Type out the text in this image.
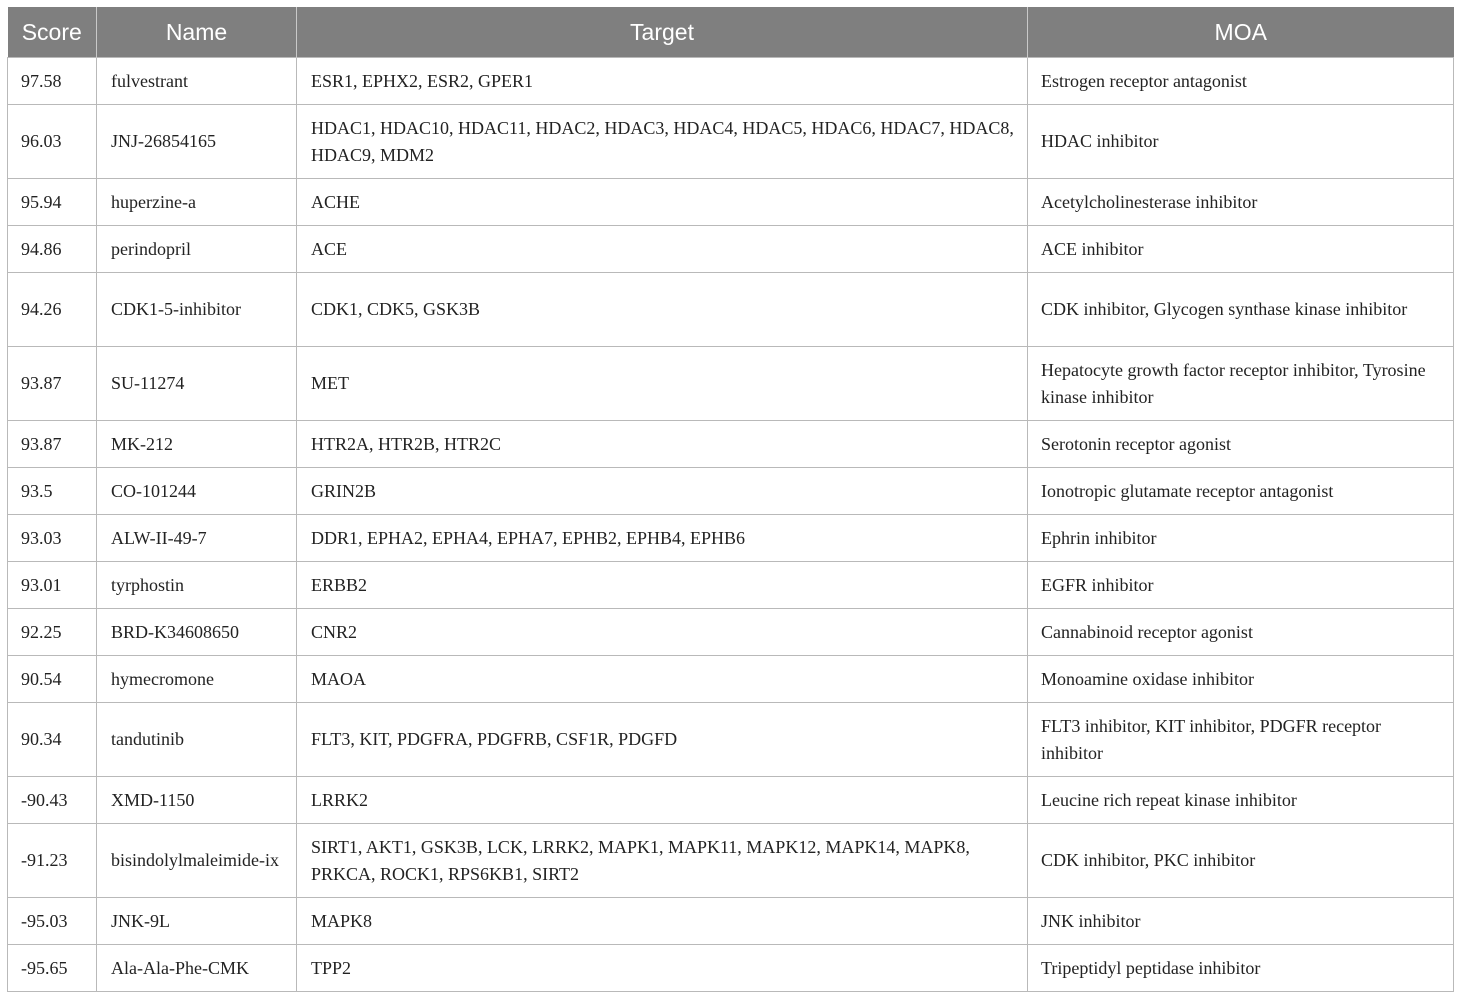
Score	Name	Target	MOA
97.58	fulvestrant	ESR1, EPHX2, ESR2, GPER1	Estrogen receptor antagonist
96.03	JNJ-26854165	HDAC1, HDAC10, HDAC11, HDAC2, HDAC3, HDAC4, HDAC5, HDAC6, HDAC7, HDAC8, HDAC9, MDM2	HDAC inhibitor
95.94	huperzine-a	ACHE	Acetylcholinesterase inhibitor
94.86	perindopril	ACE	ACE inhibitor
94.26	CDK1-5-inhibitor	CDK1, CDK5, GSK3B	CDK inhibitor, Glycogen synthase kinase inhibitor
93.87	SU-11274	MET	Hepatocyte growth factor receptor inhibitor, Tyrosine kinase inhibitor
93.87	MK-212	HTR2A, HTR2B, HTR2C	Serotonin receptor agonist
93.5	CO-101244	GRIN2B	Ionotropic glutamate receptor antagonist
93.03	ALW-II-49-7	DDR1, EPHA2, EPHA4, EPHA7, EPHB2, EPHB4, EPHB6	Ephrin inhibitor
93.01	tyrphostin	ERBB2	EGFR inhibitor
92.25	BRD-K34608650	CNR2	Cannabinoid receptor agonist
90.54	hymecromone	MAOA	Monoamine oxidase inhibitor
90.34	tandutinib	FLT3, KIT, PDGFRA, PDGFRB, CSF1R, PDGFD	FLT3 inhibitor, KIT inhibitor, PDGFR receptor inhibitor
-90.43	XMD-1150	LRRK2	Leucine rich repeat kinase inhibitor
-91.23	bisindolylmaleimide-ix	SIRT1, AKT1, GSK3B, LCK, LRRK2, MAPK1, MAPK11, MAPK12, MAPK14, MAPK8, PRKCA, ROCK1, RPS6KB1, SIRT2	CDK inhibitor, PKC inhibitor
-95.03	JNK-9L	MAPK8	JNK inhibitor
-95.65	Ala-Ala-Phe-CMK	TPP2	Tripeptidyl peptidase inhibitor
